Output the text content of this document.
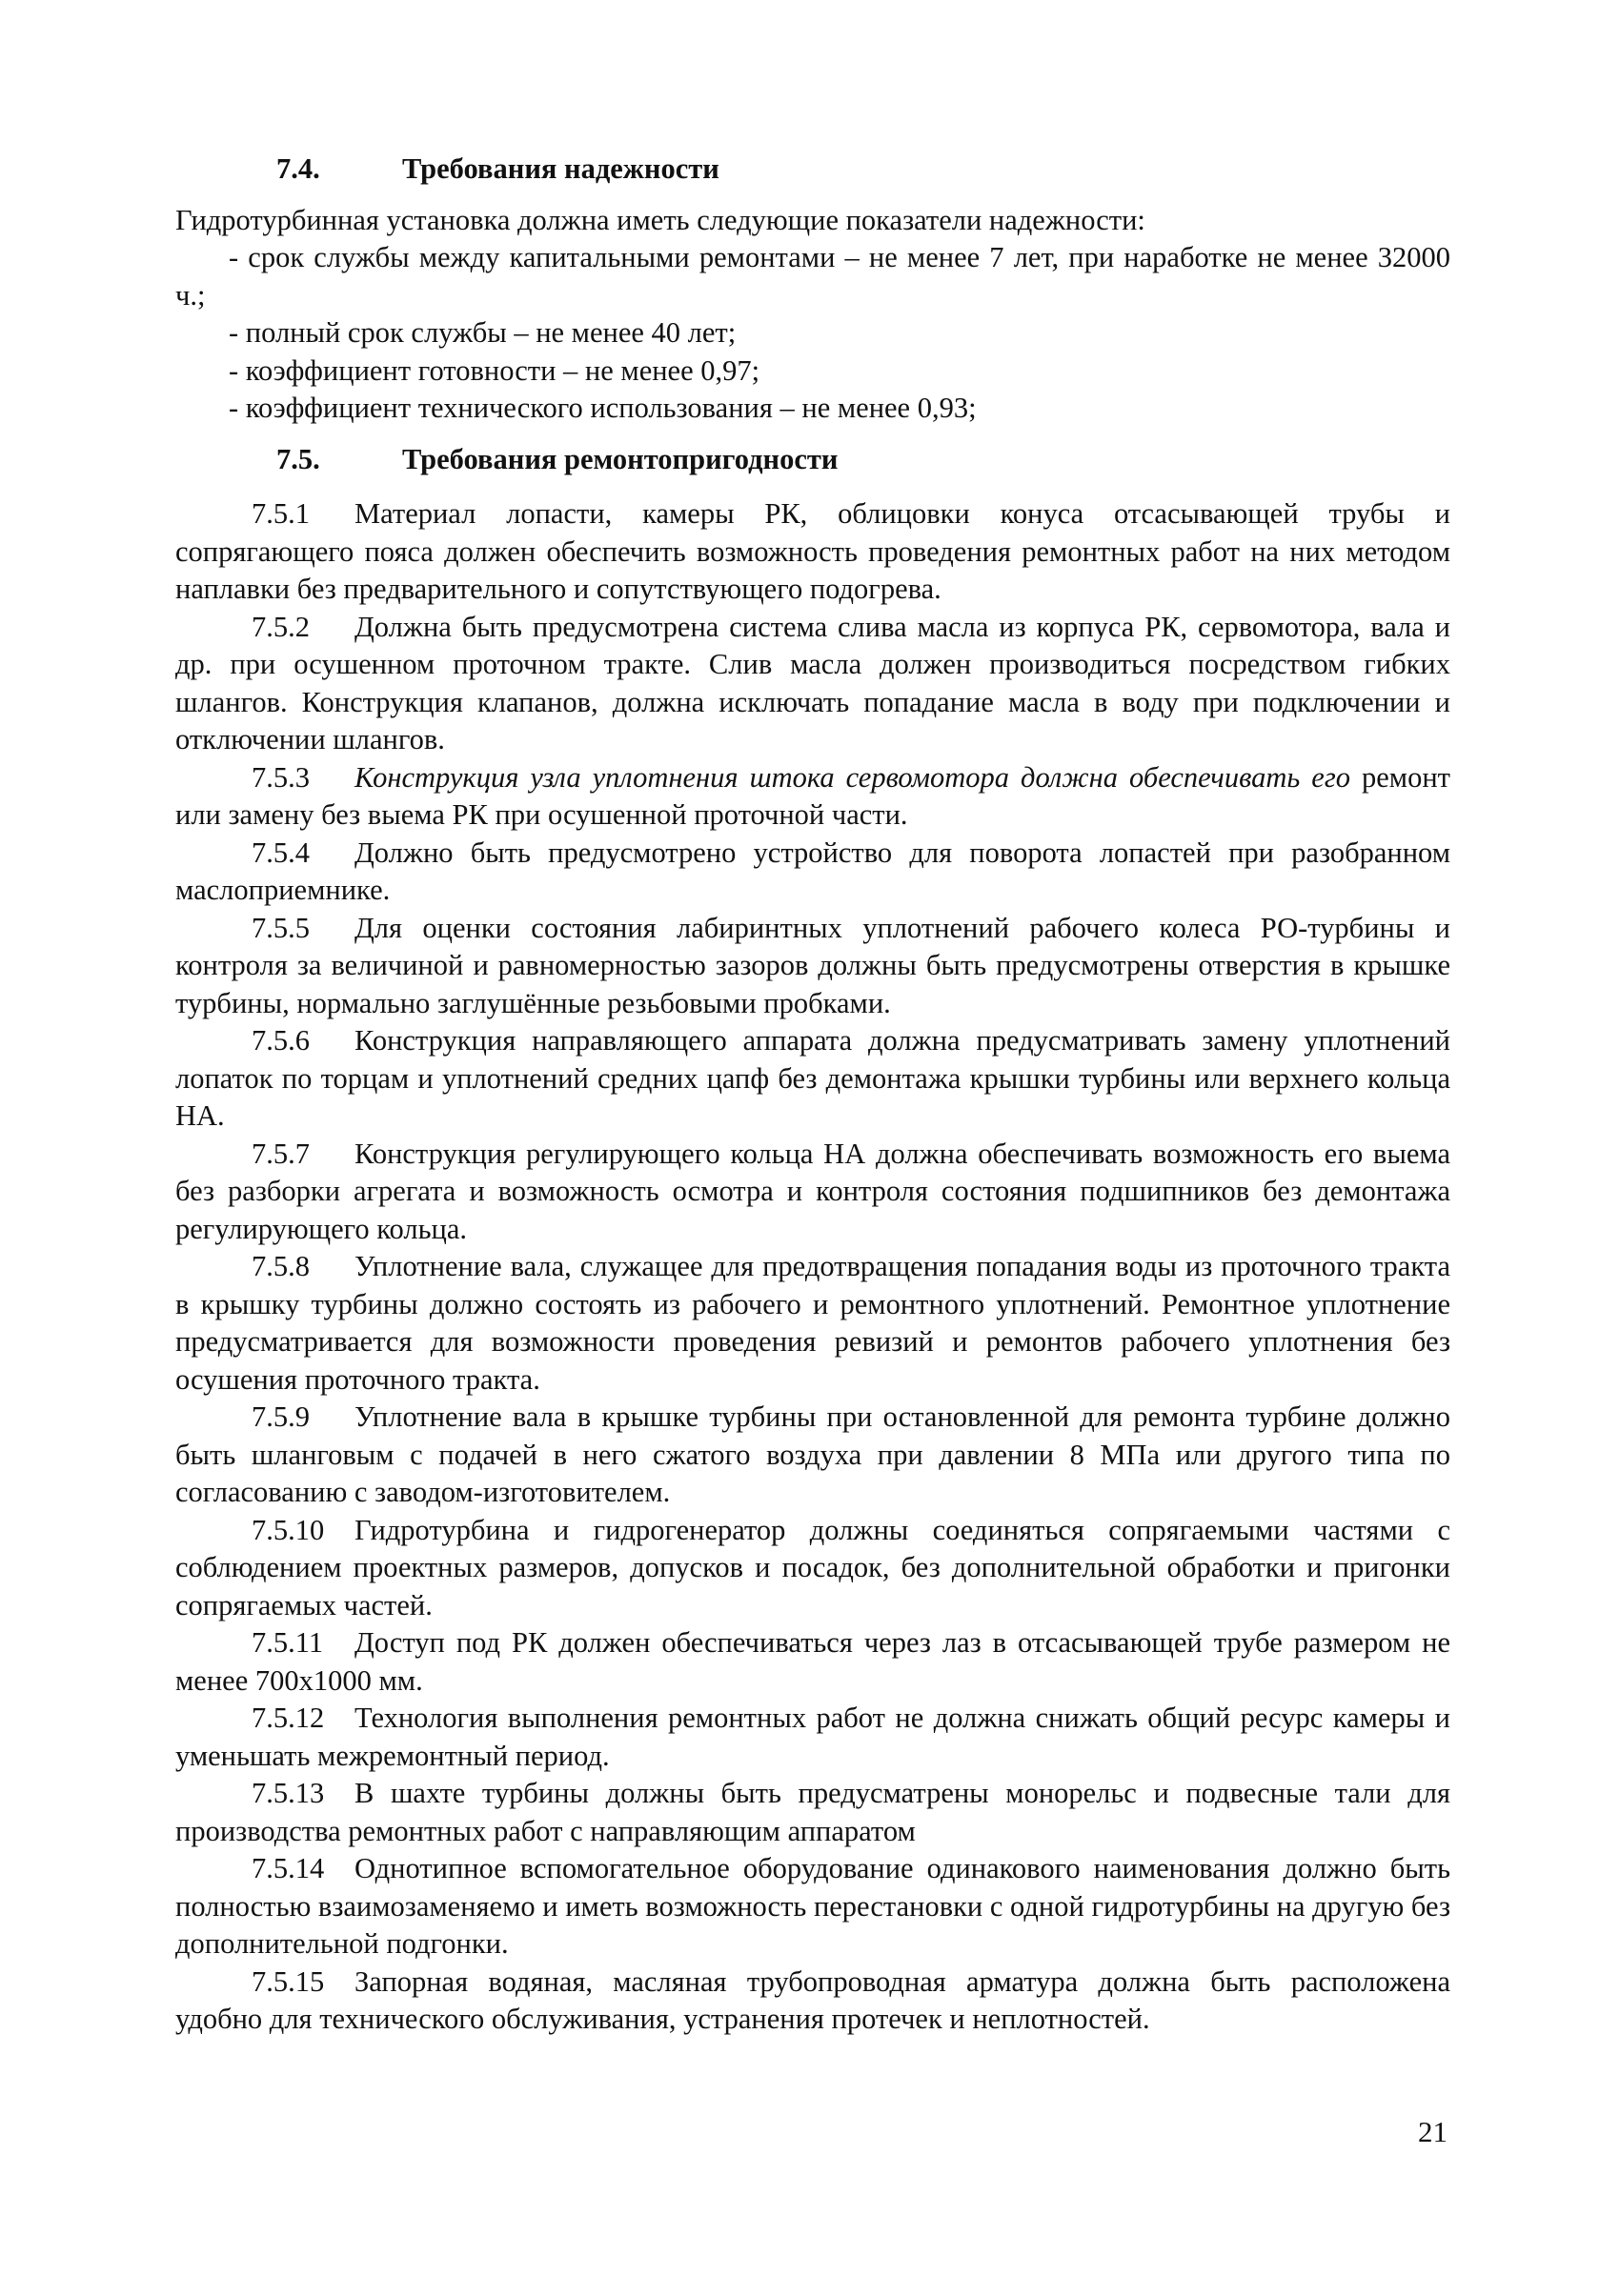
7.4.	Требования надежности

Гидротурбинная установка должна иметь следующие показатели надежности:

- срок службы между капитальными ремонтами – не менее 7 лет, при наработке не менее 32000 ч.;

- полный срок службы – не менее 40 лет;

- коэффициент готовности – не менее 0,97;

- коэффициент технического использования – не менее 0,93;

7.5.	Требования ремонтопригодности

7.5.1 Материал лопасти, камеры РК, облицовки конуса отсасывающей трубы и сопрягающего пояса должен обеспечить возможность проведения ремонтных работ на них методом наплавки без предварительного и сопутствующего подогрева.

7.5.2 Должна быть предусмотрена система слива масла из корпуса РК, сервомотора, вала и др. при осушенном проточном тракте. Слив масла должен производиться посредством гибких шлангов. Конструкция клапанов, должна исключать попадание масла в воду при подключении и отключении шлангов.

7.5.3 Конструкция узла уплотнения штока сервомотора должна обеспечивать его ремонт или замену без выема РК при осушенной проточной части.

7.5.4 Должно быть предусмотрено устройство для поворота лопастей при разобранном маслоприемнике.

7.5.5 Для оценки состояния лабиринтных уплотнений рабочего колеса РО-турбины и контроля за величиной и равномерностью зазоров должны быть предусмотрены отверстия в крышке турбины, нормально заглушённые резьбовыми пробками.

7.5.6 Конструкция направляющего аппарата должна предусматривать замену уплотнений лопаток по торцам и уплотнений средних цапф без демонтажа крышки турбины или верхнего кольца НА.

7.5.7 Конструкция регулирующего кольца НА должна обеспечивать возможность его выема без разборки агрегата и возможность осмотра и контроля состояния подшипников без демонтажа регулирующего кольца.

7.5.8 Уплотнение вала, служащее для предотвращения попадания воды из проточного тракта в крышку турбины должно состоять из рабочего и ремонтного уплотнений. Ремонтное уплотнение предусматривается для возможности проведения ревизий и ремонтов рабочего уплотнения без осушения проточного тракта.

7.5.9 Уплотнение вала в крышке турбины при остановленной для ремонта турбине должно быть шланговым с подачей в него сжатого воздуха при давлении 8 МПа или другого типа по согласованию с заводом-изготовителем.

7.5.10 Гидротурбина и гидрогенератор должны соединяться сопрягаемыми частями с соблюдением проектных размеров, допусков и посадок, без дополнительной обработки и пригонки сопрягаемых частей.

7.5.11 Доступ под РК должен обеспечиваться через лаз в отсасывающей трубе размером не менее 700x1000 мм.

7.5.12 Технология выполнения ремонтных работ не должна снижать общий ресурс камеры и уменьшать межремонтный период.

7.5.13 В шахте турбины должны быть предусматрены монорельс и подвесные тали для производства ремонтных работ с направляющим аппаратом

7.5.14 Однотипное вспомогательное оборудование одинакового наименования должно быть полностью взаимозаменяемо и иметь возможность перестановки с одной гидротурбины на другую без дополнительной подгонки.

7.5.15 Запорная водяная, масляная трубопроводная арматура должна быть расположена удобно для технического обслуживания, устранения протечек и неплотностей.

21
